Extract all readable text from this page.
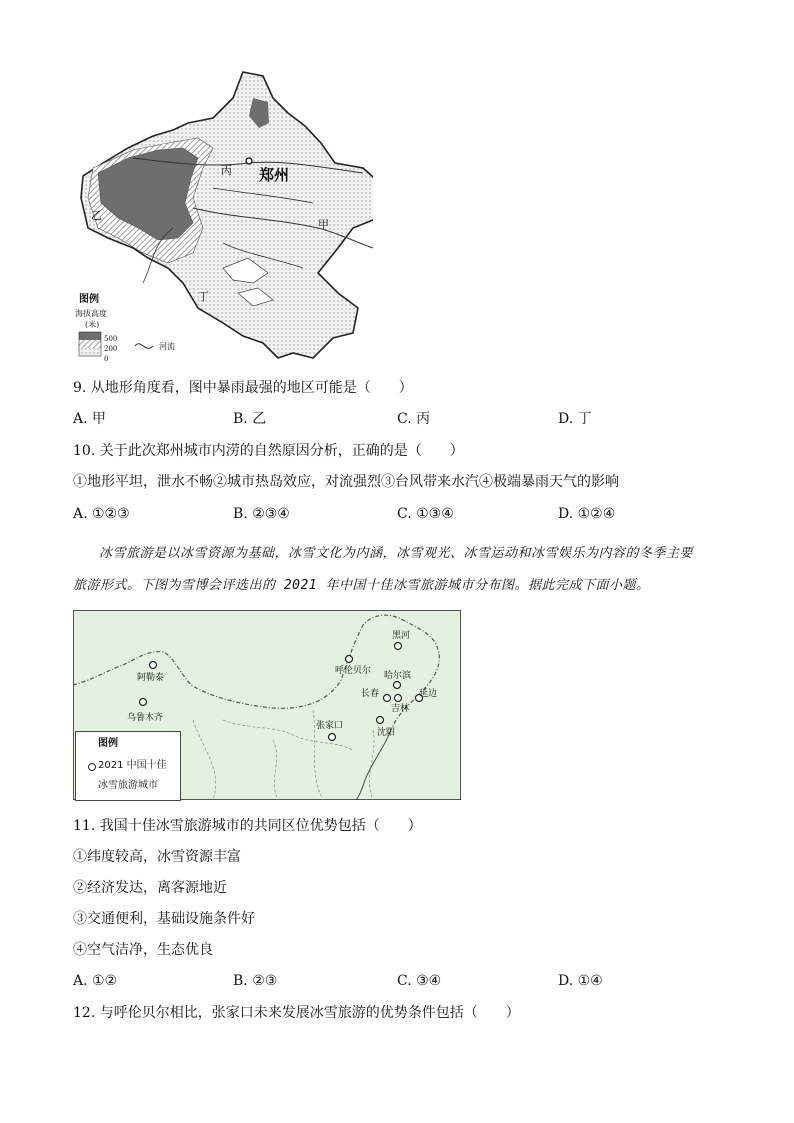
郑州
甲
乙
丙
丁
图例
海拔高度
(米)
500
200
0
河流
9. 从地形角度看，图中暴雨最强的地区可能是（　　）
A. 甲	B. 乙	C. 丙	D. 丁
10. 关于此次郑州城市内涝的自然原因分析，正确的是（　　）
①地形平坦，泄水不畅②城市热岛效应，对流强烈③台风带来水汽④极端暴雨天气的影响
A. ①②③	B. ②③④	C. ①③④	D. ①②④
冰雪旅游是以冰雪资源为基础，冰雪文化为内涵，冰雪观光、冰雪运动和冰雪娱乐为内容的冬季主要
旅游形式。下图为雪博会评选出的 2021 年中国十佳冰雪旅游城市分布图。据此完成下面小题。
阿勒泰
乌鲁木齐
黑河
呼伦贝尔 哈尔滨
长春
吉林
延边
张家口
沈阳
图例
2021 中国十佳
冰雪旅游城市
11. 我国十佳冰雪旅游城市的共同区位优势包括（　　）
①纬度较高，冰雪资源丰富
②经济发达，离客源地近
③交通便利，基础设施条件好
④空气洁净，生态优良
A. ①②	B. ②③	C. ③④	D. ①④
12. 与呼伦贝尔相比，张家口未来发展冰雪旅游的优势条件包括（　　）
